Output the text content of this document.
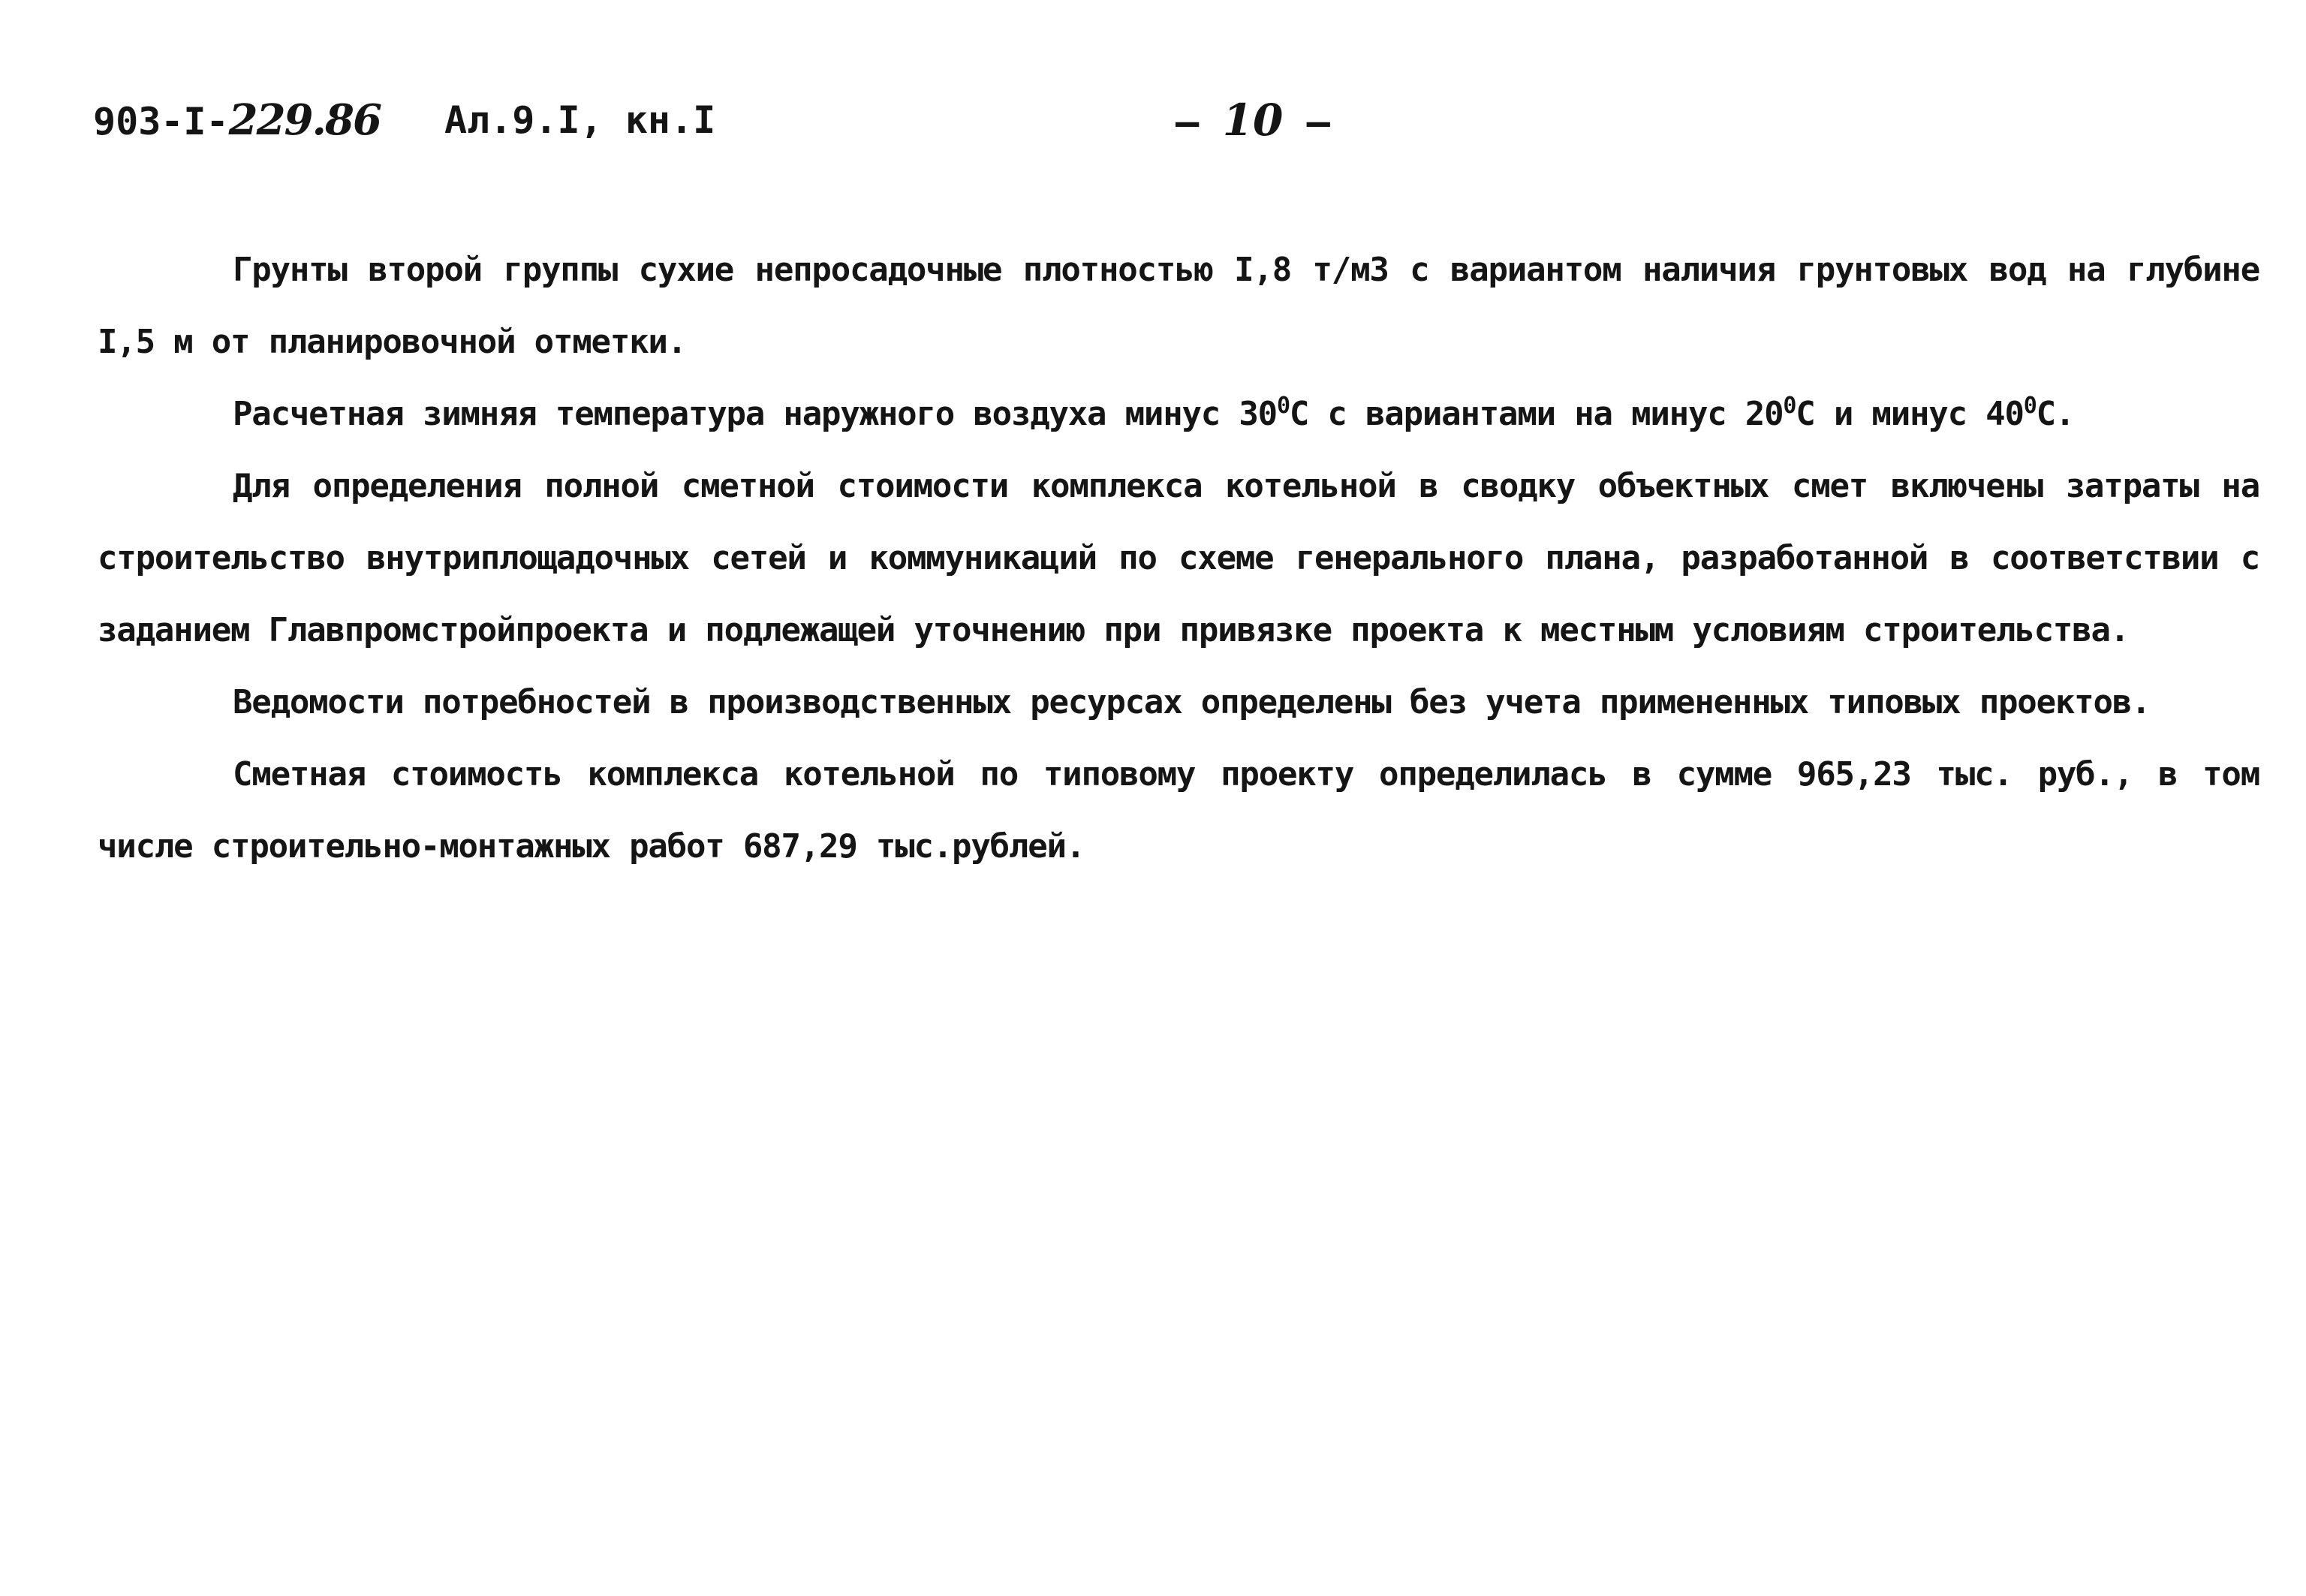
903-I-229.86 Ал.9.I, кн.I	— 10 —

Грунты второй группы сухие непросадочные плотностью I,8 т/м3 с вариантом наличия грунтовых вод на глубине I,5 м от планировочной отметки.

Расчетная зимняя температура наружного воздуха минус $30^0С$ с вариантами на минус $20^0С$ и минус $40^0С$.

Для определения полной сметной стоимости комплекса котельной в сводку объектных смет включены затраты на строительство внутриплощадочных сетей и коммуникаций по схеме генерального плана, разработанной в соответствии с заданием Главпромстройпроекта и подлежащей уточнению при привязке проекта к местным условиям строительства.

Ведомости потребностей в производственных ресурсах определены без учета примененных типовых проектов.

Сметная стоимость комплекса котельной по типовому проекту определилась в сумме 965,23 тыс. руб., в том числе строительно-монтажных работ 687,29 тыс.рублей.
